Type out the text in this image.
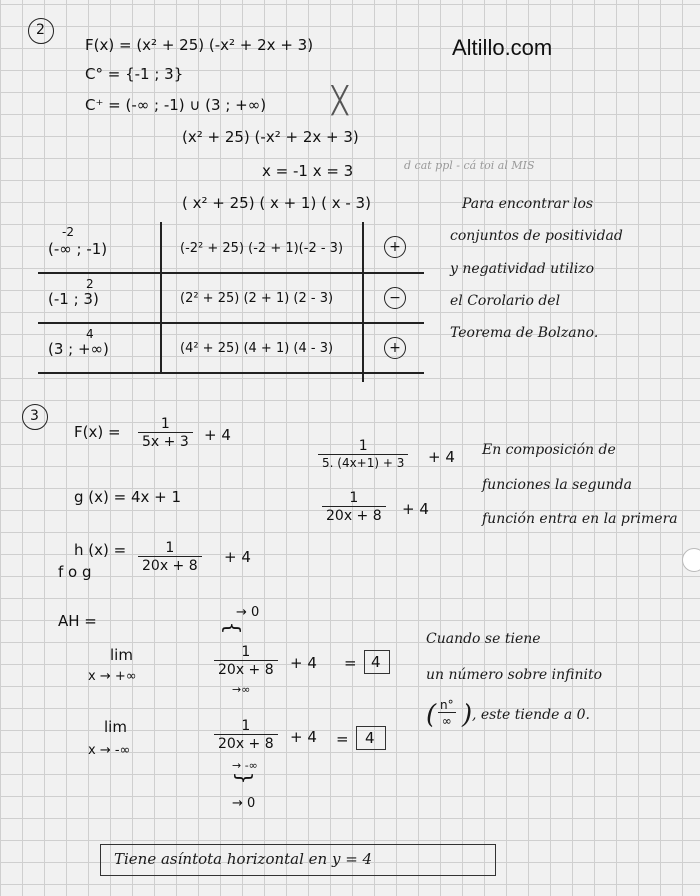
Altillo.com
2
F(x) = (x² + 25) (-x² + 2x + 3)
C° = {-1 ; 3}
C⁺ = (-∞ ; -1) ∪ (3 ; +∞)	╳
(x² + 25) (-x² + 2x + 3)
x = -1 x = 3	d cat ppl - cá toi al MIS
( x² + 25) ( x + 1) ( x - 3)
-2
(-∞ ; -1)	(-2² + 25) (-2 + 1)(-2 - 3)	+
2
(-1 ; 3)	(2² + 25) (2 + 1) (2 - 3)	−
4
(3 ; +∞)	(4² + 25) (4 + 1) (4 - 3)	+
Para encontrar los
conjuntos de positividad
y negatividad utilizo
el Corolario del
Teorema de Bolzano.
3
$F(x) = \frac{1}{5x + 3} + 4$
g (x) = 4x + 1
h (x) =
f o g	$\frac{1}{20x + 8} + 4$
$\frac{1}{5. (4x+1) + 3} + 4$
$\frac{1}{20x + 8} + 4$
En composición de
funciones la segunda
función entra en la primera
AH =
lim
x → +∞
→ 0
{
$\frac{1}{20x + 8}$
→∞
+ 4 = 4
lim
x → -∞	$\frac{1}{20x + 8}$
→ -∞
{
→ 0
+ 4 = 4
Cuando se tiene
un número sobre infinito
( n°
∞ ) , este tiende a 0.
Tiene asíntota horizontal en y = 4
